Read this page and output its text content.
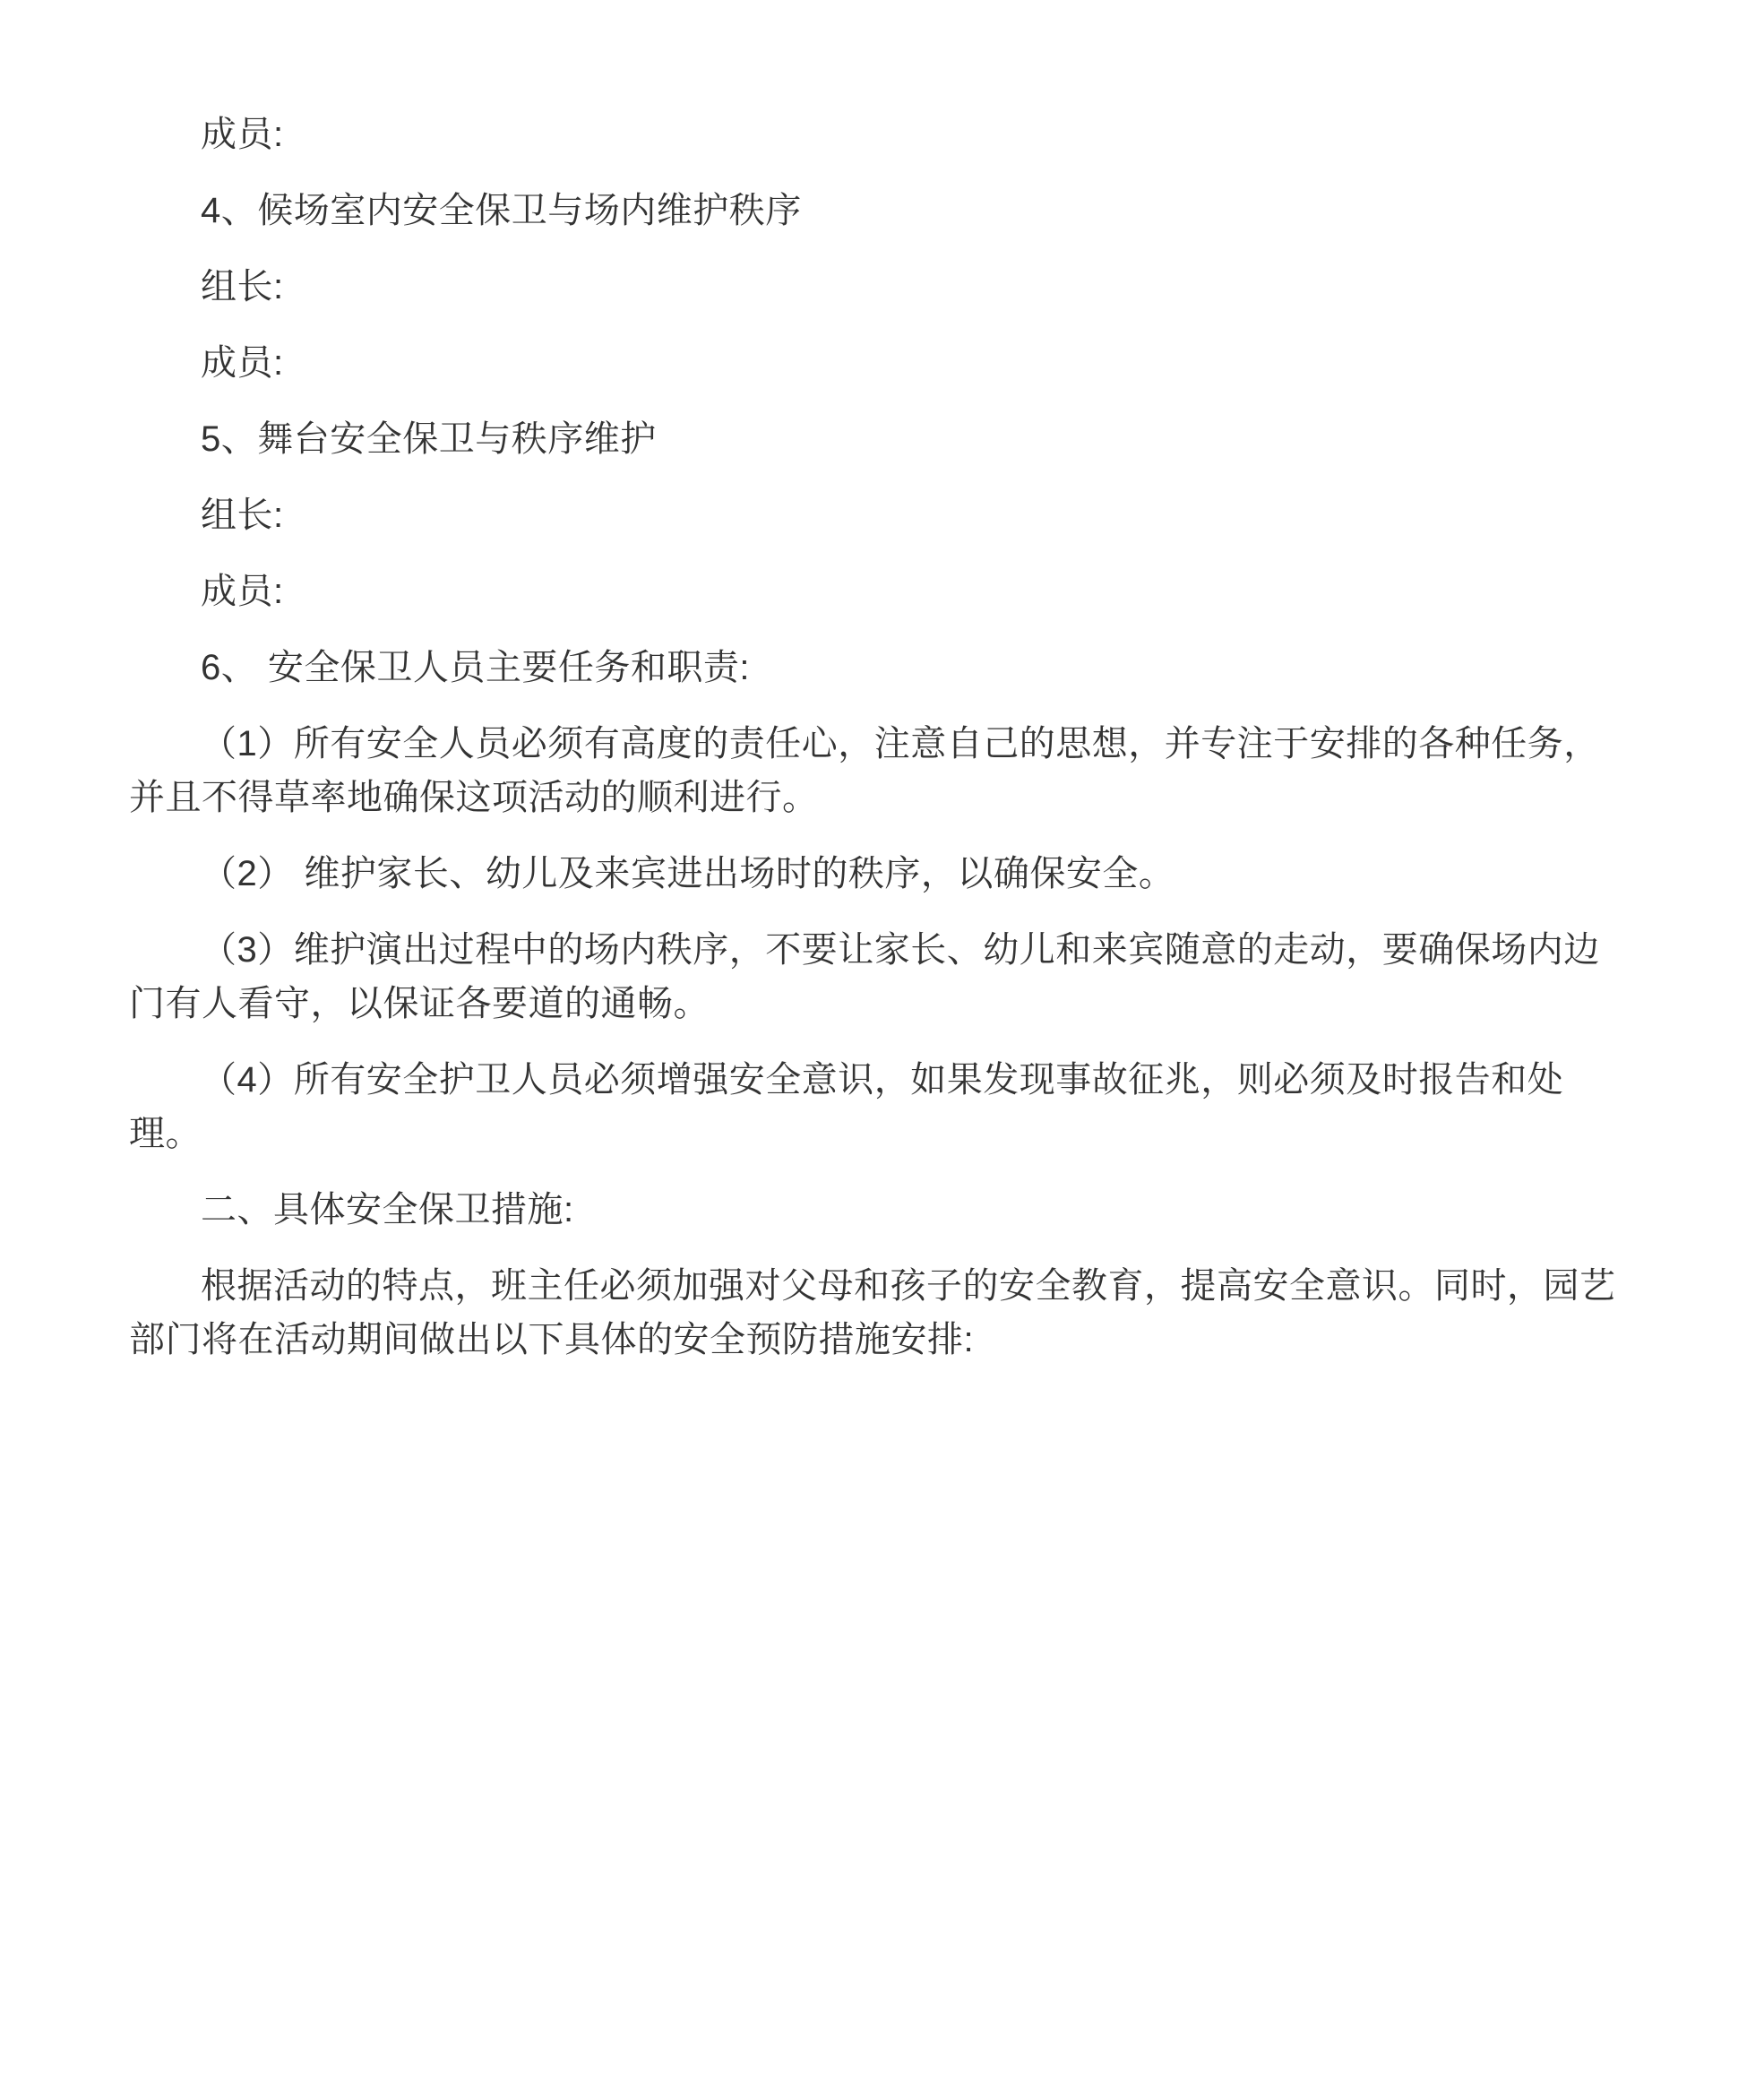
成员:

4、候场室内安全保卫与场内维护秩序

组长:

成员:

5、舞台安全保卫与秩序维护

组长:

成员:

6、 安全保卫人员主要任务和职责:

（1）所有安全人员必须有高度的责任心，注意自己的思想，并专注于安排的各种任务，并且不得草率地确保这项活动的顺利进行。

（2） 维护家长、幼儿及来宾进出场时的秩序，以确保安全。

（3）维护演出过程中的场内秩序，不要让家长、幼儿和来宾随意的走动，要确保场内边门有人看守，以保证各要道的通畅。

（4）所有安全护卫人员必须增强安全意识，如果发现事故征兆，则必须及时报告和处理。

二、具体安全保卫措施:

根据活动的特点，班主任必须加强对父母和孩子的安全教育，提高安全意识。同时，园艺部门将在活动期间做出以下具体的安全预防措施安排:
